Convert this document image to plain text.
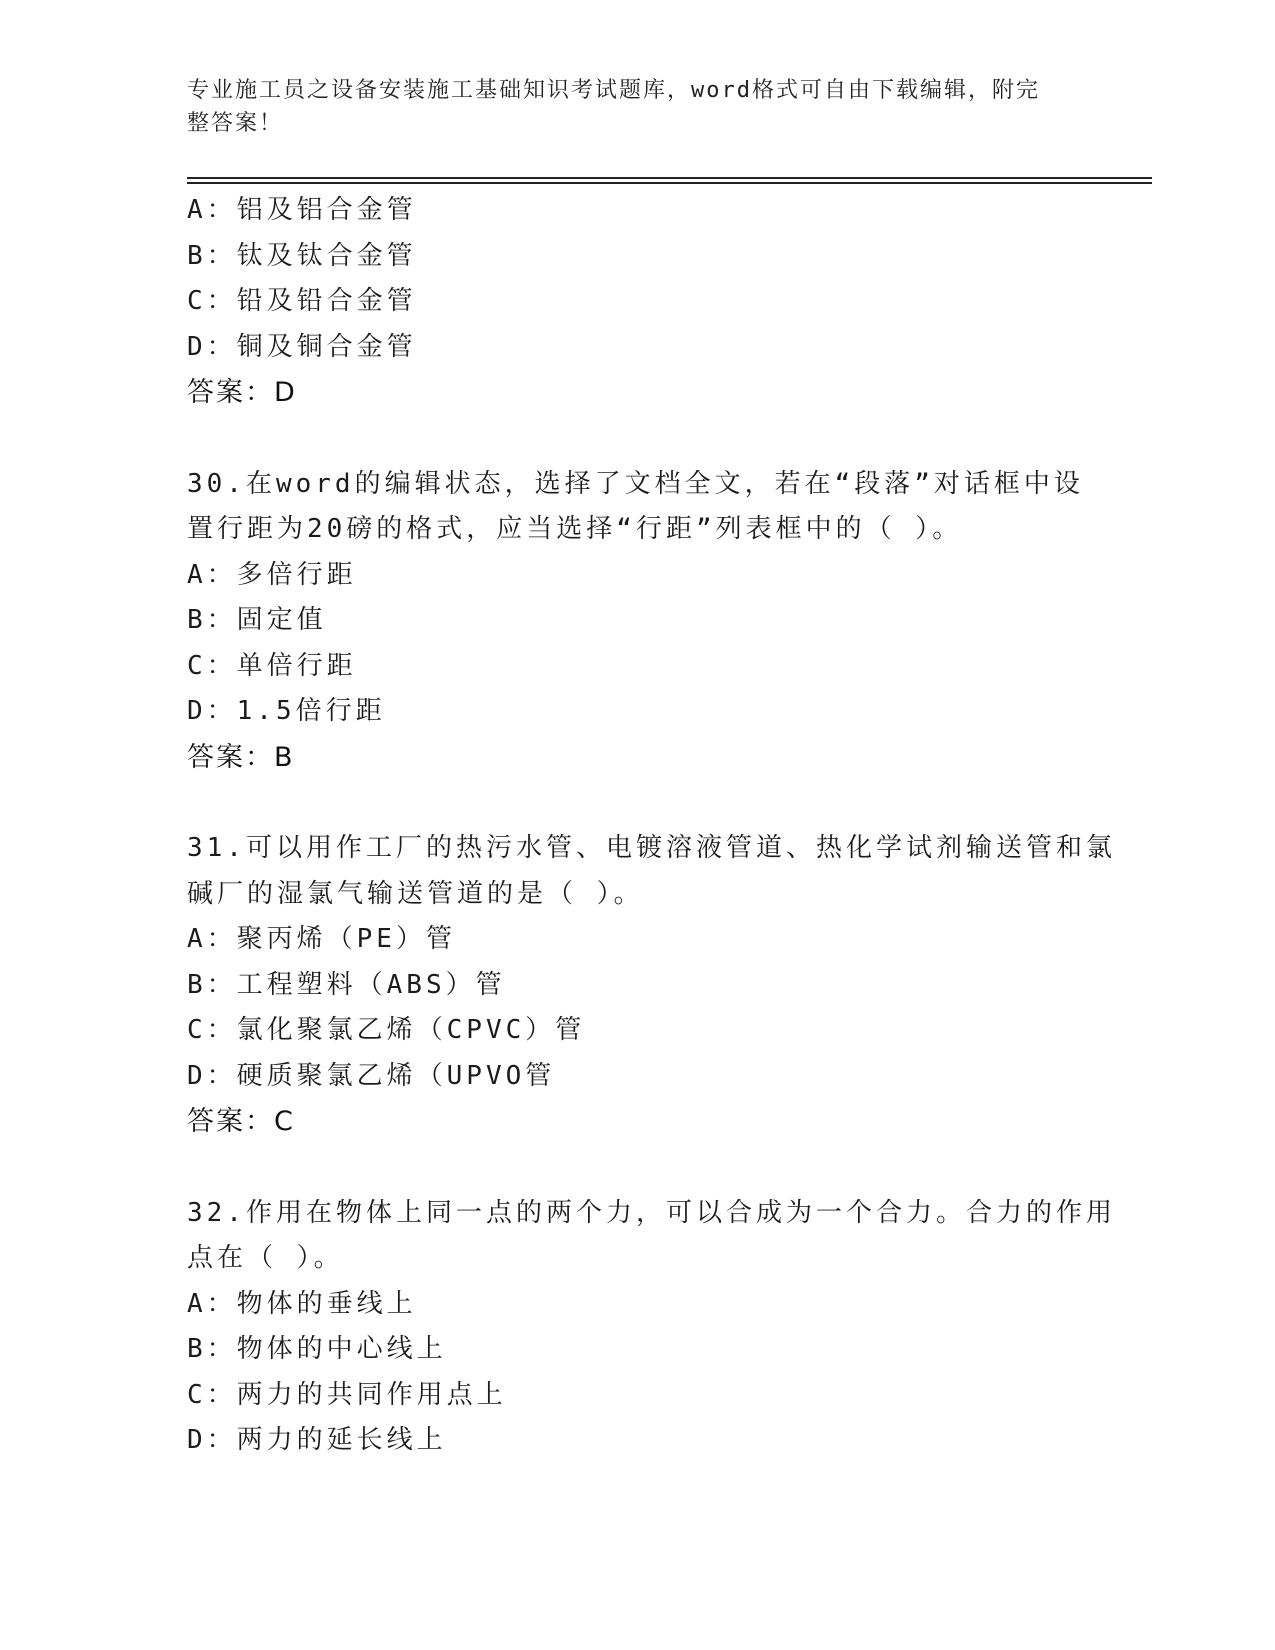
专业施工员之设备安装施工基础知识考试题库，word格式可自由下载编辑，附完
整答案！
A：铝及铝合金管
B：钛及钛合金管
C：铅及铅合金管
D：铜及铜合金管
答案：D
30.在word的编辑状态，选择了文档全文，若在“段落”对话框中设
置行距为20磅的格式，应当选择“行距”列表框中的（ ）。
A：多倍行距
B：固定值
C：单倍行距
D：1.5倍行距
答案：B
31.可以用作工厂的热污水管、电镀溶液管道、热化学试剂输送管和氯
碱厂的湿氯气输送管道的是（ ）。
A：聚丙烯（PE）管
B：工程塑料（ABS）管
C：氯化聚氯乙烯（CPVC）管
D：硬质聚氯乙烯（UPVO管
答案：C
32.作用在物体上同一点的两个力，可以合成为一个合力。合力的作用
点在（ ）。
A：物体的垂线上
B：物体的中心线上
C：两力的共同作用点上
D：两力的延长线上
